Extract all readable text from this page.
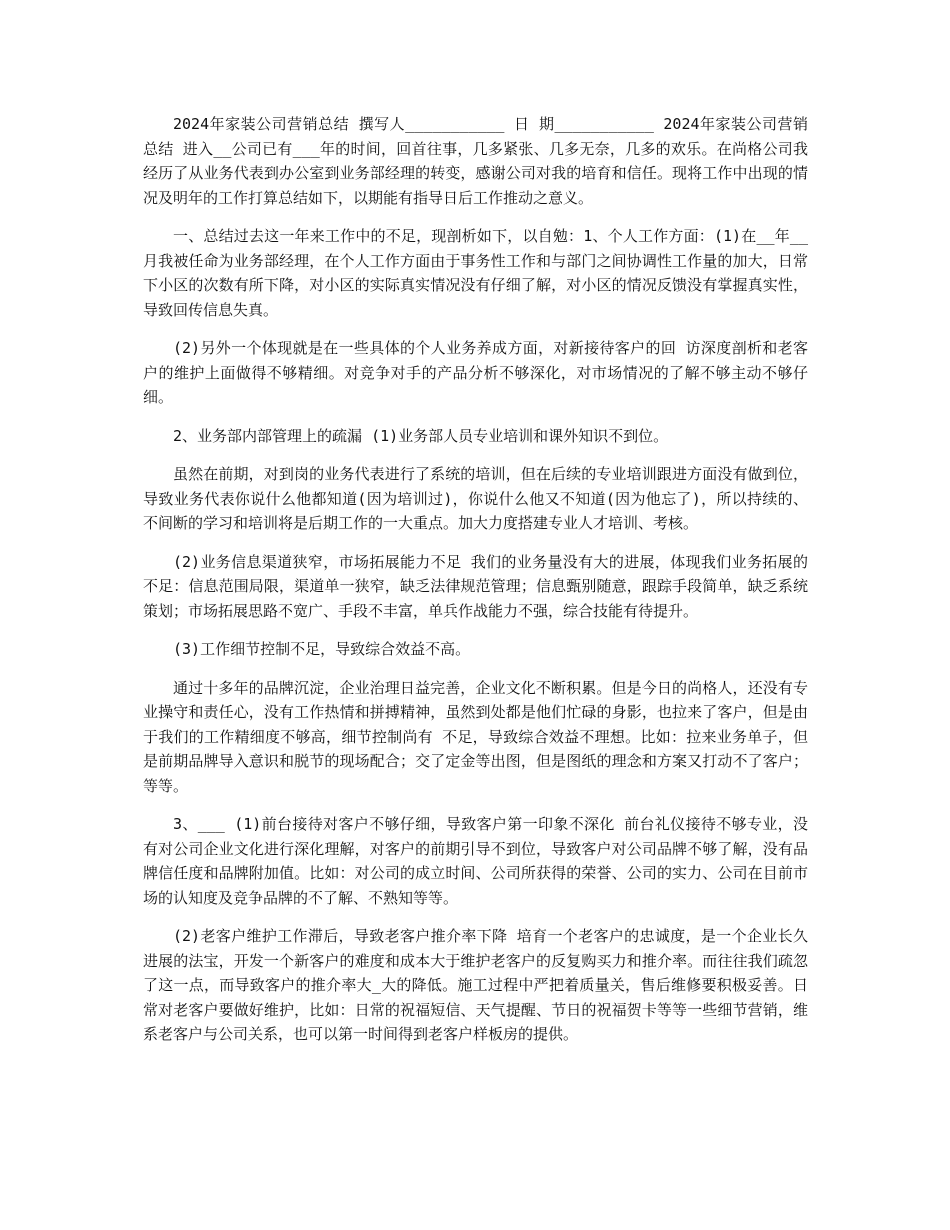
2024年家装公司营销总结 撰写人___________ 日 期___________ 2024年家装公司营销总结 进入__公司已有___年的时间，回首往事，几多紧张、几多无奈，几多的欢乐。在尚格公司我经历了从业务代表到办公室到业务部经理的转变，感谢公司对我的培育和信任。现将工作中出现的情况及明年的工作打算总结如下，以期能有指导日后工作推动之意义。

一、总结过去这一年来工作中的不足，现剖析如下，以自勉：1、个人工作方面：(1)在__年__月我被任命为业务部经理，在个人工作方面由于事务性工作和与部门之间协调性工作量的加大，日常下小区的次数有所下降，对小区的实际真实情况没有仔细了解，对小区的情况反馈没有掌握真实性，导致回传信息失真。

(2)另外一个体现就是在一些具体的个人业务养成方面，对新接待客户的回 访深度剖析和老客户的维护上面做得不够精细。对竞争对手的产品分析不够深化，对市场情况的了解不够主动不够仔细。

2、业务部内部管理上的疏漏 (1)业务部人员专业培训和课外知识不到位。

虽然在前期，对到岗的业务代表进行了系统的培训，但在后续的专业培训跟进方面没有做到位，导致业务代表你说什么他都知道(因为培训过)，你说什么他又不知道(因为他忘了)，所以持续的、不间断的学习和培训将是后期工作的一大重点。加大力度搭建专业人才培训、考核。

(2)业务信息渠道狭窄，市场拓展能力不足 我们的业务量没有大的进展，体现我们业务拓展的不足：信息范围局限，渠道单一狭窄，缺乏法律规范管理；信息甄别随意，跟踪手段简单，缺乏系统策划；市场拓展思路不宽广、手段不丰富，单兵作战能力不强，综合技能有待提升。

(3)工作细节控制不足，导致综合效益不高。

通过十多年的品牌沉淀，企业治理日益完善，企业文化不断积累。但是今日的尚格人，还没有专业操守和责任心，没有工作热情和拼搏精神，虽然到处都是他们忙碌的身影，也拉来了客户，但是由于我们的工作精细度不够高，细节控制尚有 不足，导致综合效益不理想。比如：拉来业务单子，但是前期品牌导入意识和脱节的现场配合；交了定金等出图，但是图纸的理念和方案又打动不了客户；等等。

3、___ (1)前台接待对客户不够仔细，导致客户第一印象不深化 前台礼仪接待不够专业，没有对公司企业文化进行深化理解，对客户的前期引导不到位，导致客户对公司品牌不够了解，没有品牌信任度和品牌附加值。比如：对公司的成立时间、公司所获得的荣誉、公司的实力、公司在目前市场的认知度及竞争品牌的不了解、不熟知等等。

(2)老客户维护工作滞后，导致老客户推介率下降 培育一个老客户的忠诚度，是一个企业长久进展的法宝，开发一个新客户的难度和成本大于维护老客户的反复购买力和推介率。而往往我们疏忽了这一点，而导致客户的推介率大_大的降低。施工过程中严把着质量关，售后维修要积极妥善。日常对老客户要做好维护，比如：日常的祝福短信、天气提醒、节日的祝福贺卡等等一些细节营销，维系老客户与公司关系，也可以第一时间得到老客户样板房的提供。
